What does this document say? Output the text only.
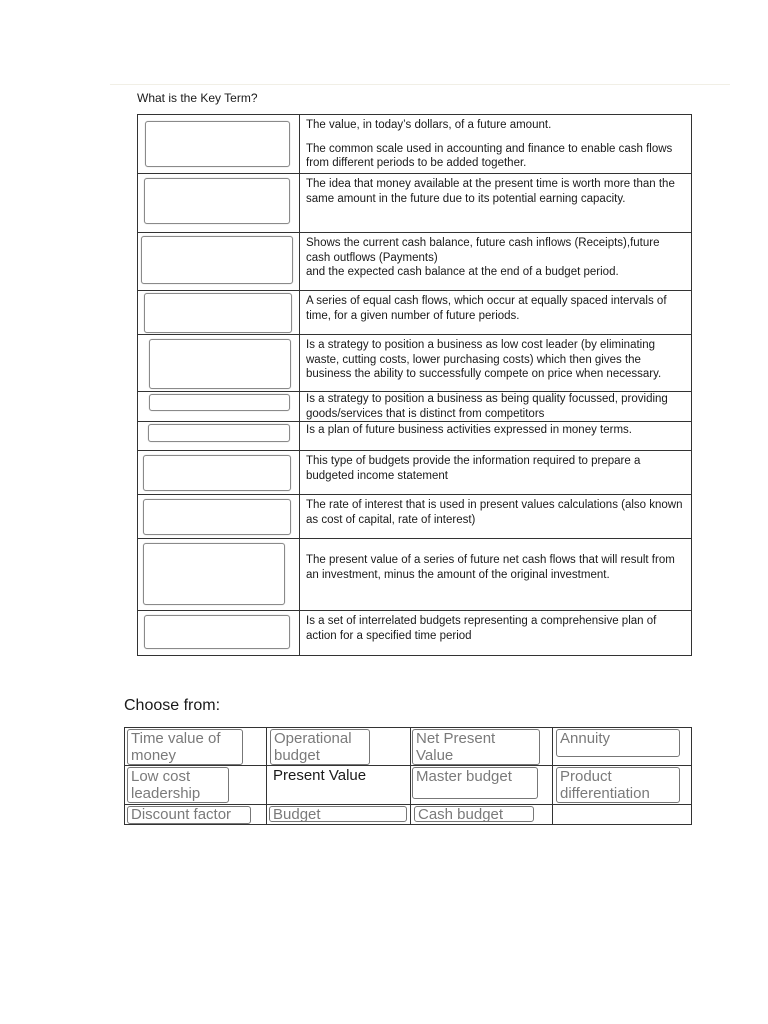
What is the Key Term?

	The value, in today’s dollars, of a future amount.

The common scale used in accounting and finance to enable cash flows from different periods to be added together.

	The idea that money available at the present time is worth more than the same amount in the future due to its potential earning capacity.

	Shows the current cash balance, future cash inflows (Receipts),future cash outflows (Payments)

and the expected cash balance at the end of a budget period.

	A series of equal cash flows, which occur at equally spaced intervals of time, for a given number of future periods.

	Is a strategy to position a business as low cost leader (by eliminating waste, cutting costs, lower purchasing costs) which then gives the business the ability to successfully compete on price when necessary.

	Is a strategy to position a business as being quality focussed, providing goods/services that is distinct from competitors

	Is a plan of future business activities expressed in money terms.

	This type of budgets provide the information required to prepare a budgeted income statement

	The rate of interest that is used in present values calculations (also known as cost of capital, rate of interest)

	The present value of a series of future net cash flows that will result from an investment, minus the amount of the original investment.

	Is a set of interrelated budgets representing a comprehensive plan of action for a specified time period

Choose from:
Time value of money	Operational budget	Net Present Value	Annuity

Low cost leadership	Present Value	Master budget	Product differentiation

Discount factor	Budget	Cash budget	
